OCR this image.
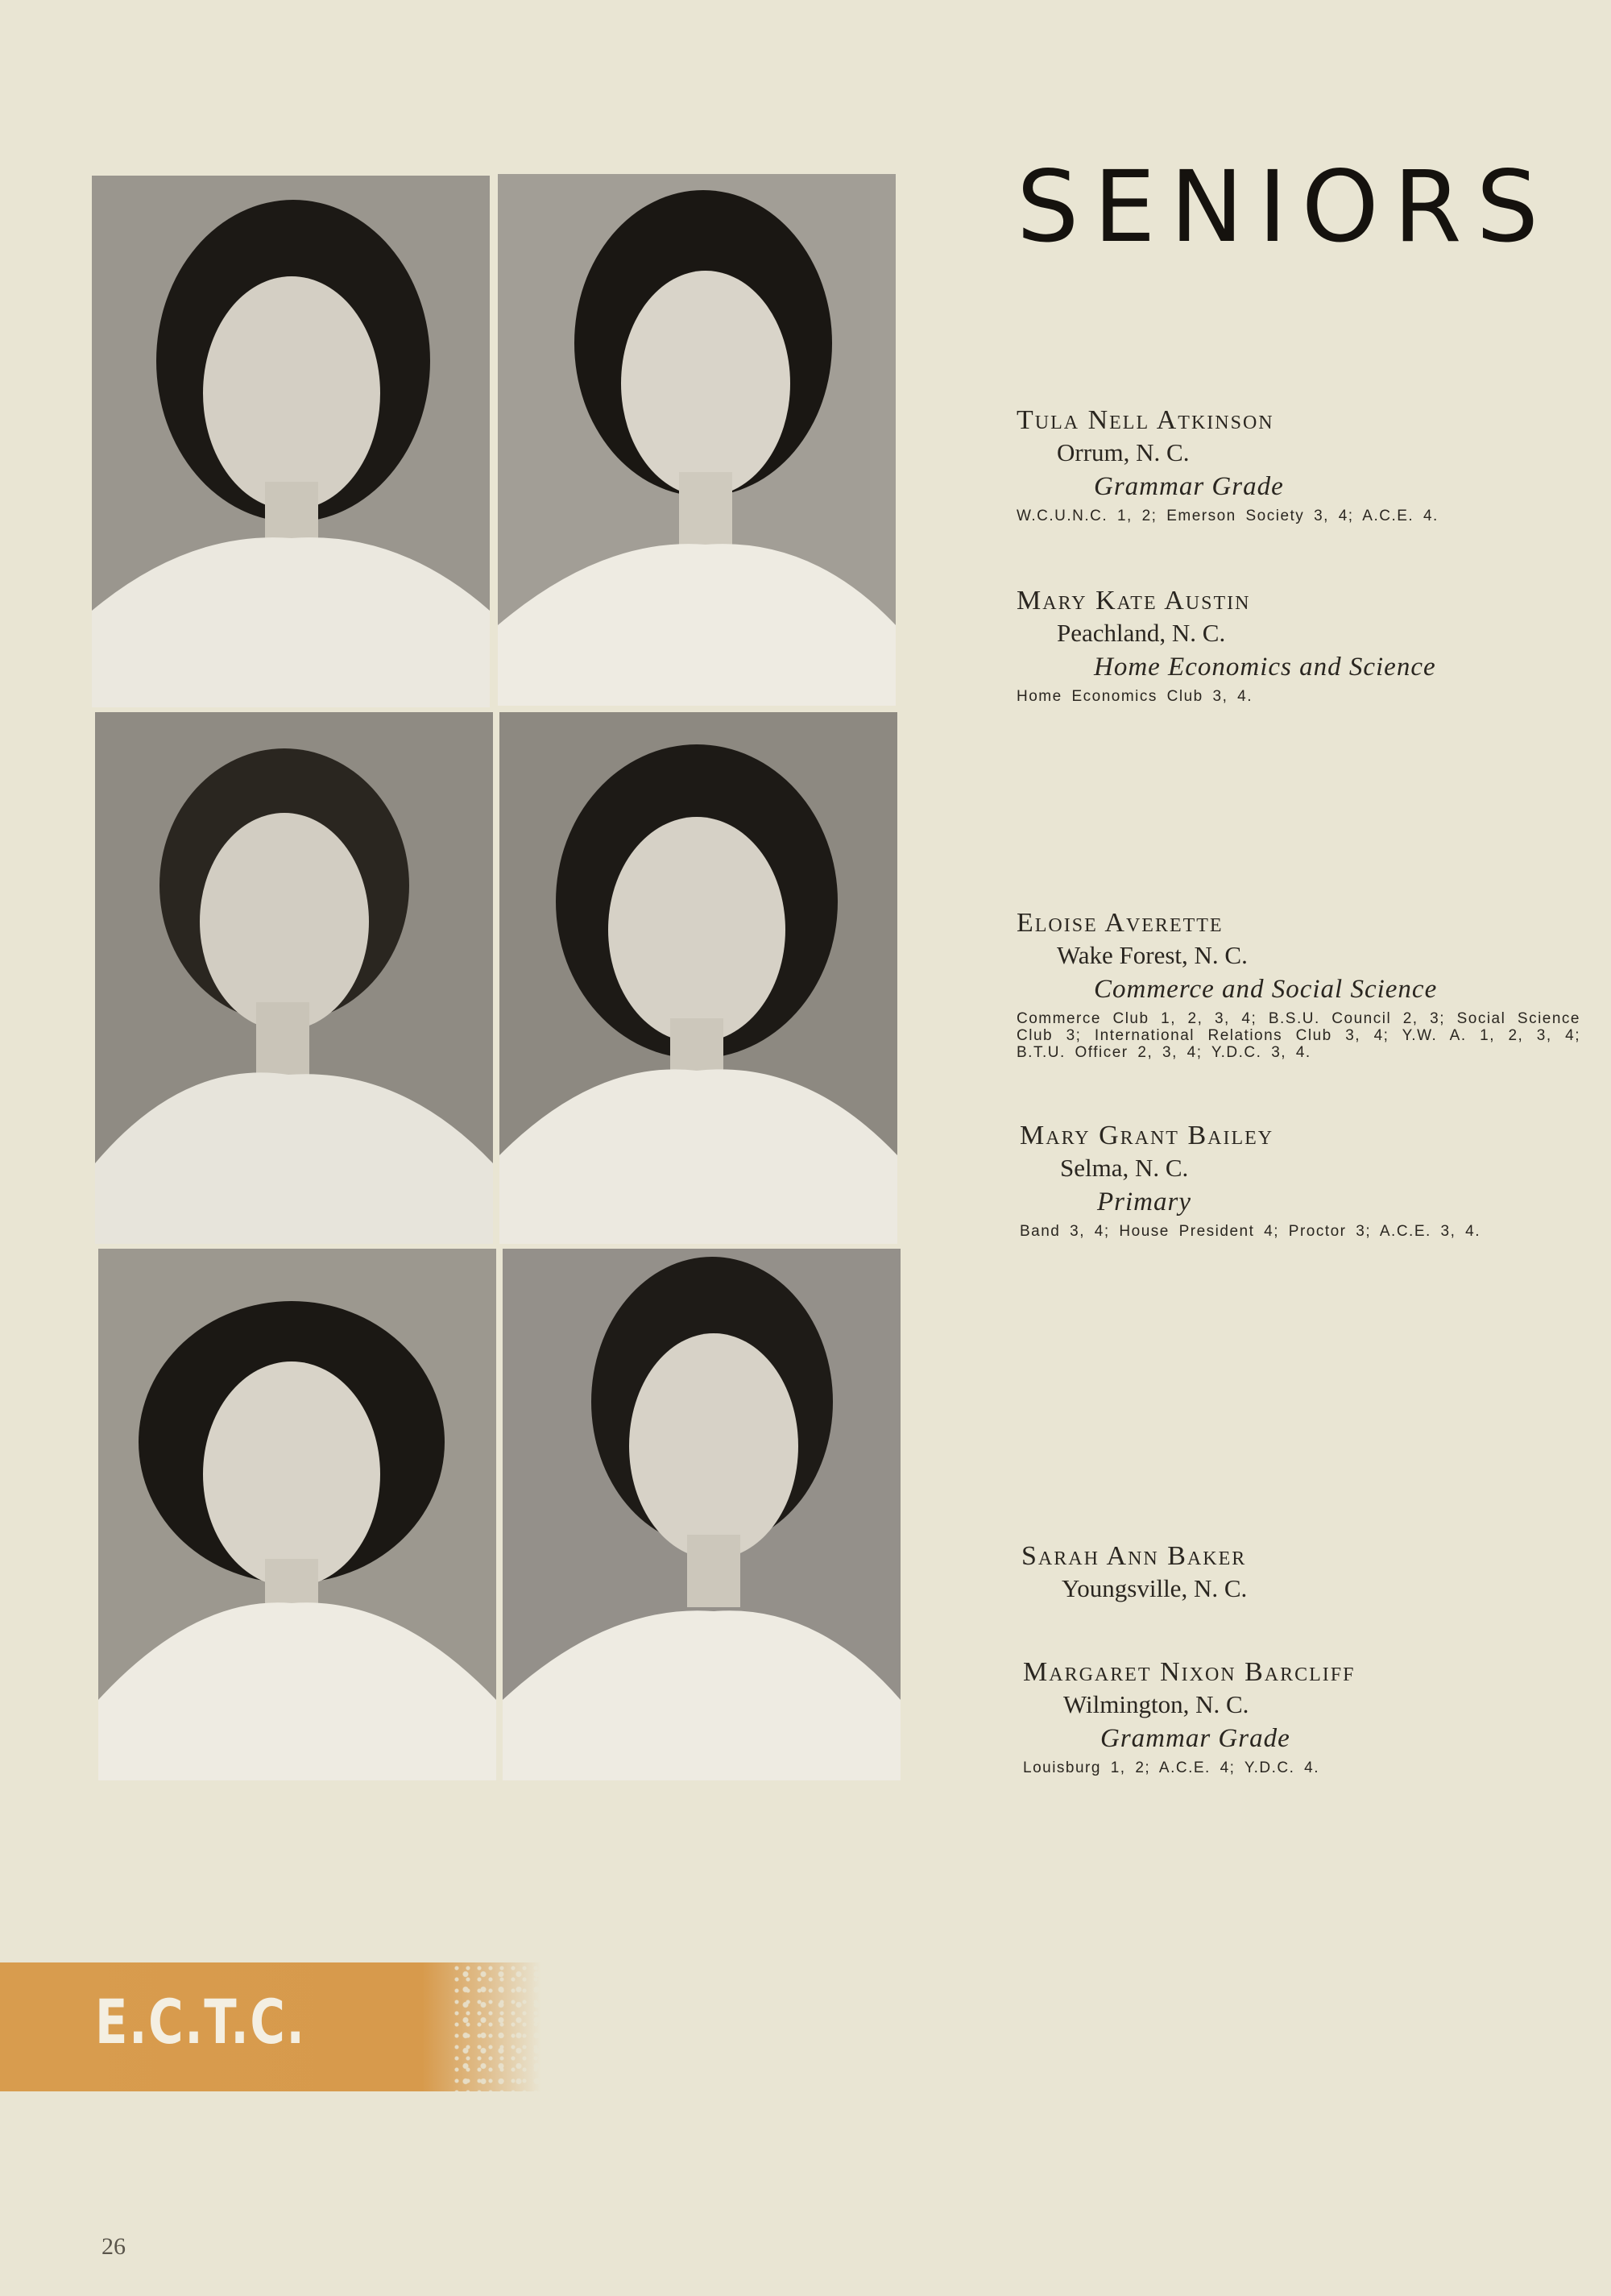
SENIORS
Tula Nell Atkinson
Orrum, N. C.
Grammar Grade
W.C.U.N.C. 1, 2; Emerson Society 3, 4; A.C.E. 4.
Mary Kate Austin
Peachland, N. C.
Home Economics and Science
Home Economics Club 3, 4.
Eloise Averette
Wake Forest, N. C.
Commerce and Social Science
Commerce Club 1, 2, 3, 4; B.S.U. Council 2, 3; Social Science Club 3; International Relations Club 3, 4; Y.W. A. 1, 2, 3, 4; B.T.U. Officer 2, 3, 4; Y.D.C. 3, 4.
Mary Grant Bailey
Selma, N. C.
Primary
Band 3, 4; House President 4; Proctor 3; A.C.E. 3, 4.
Sarah Ann Baker
Youngsville, N. C.
Margaret Nixon Barcliff
Wilmington, N. C.
Grammar Grade
Louisburg 1, 2; A.C.E. 4; Y.D.C. 4.
E.C.T.C.
26
